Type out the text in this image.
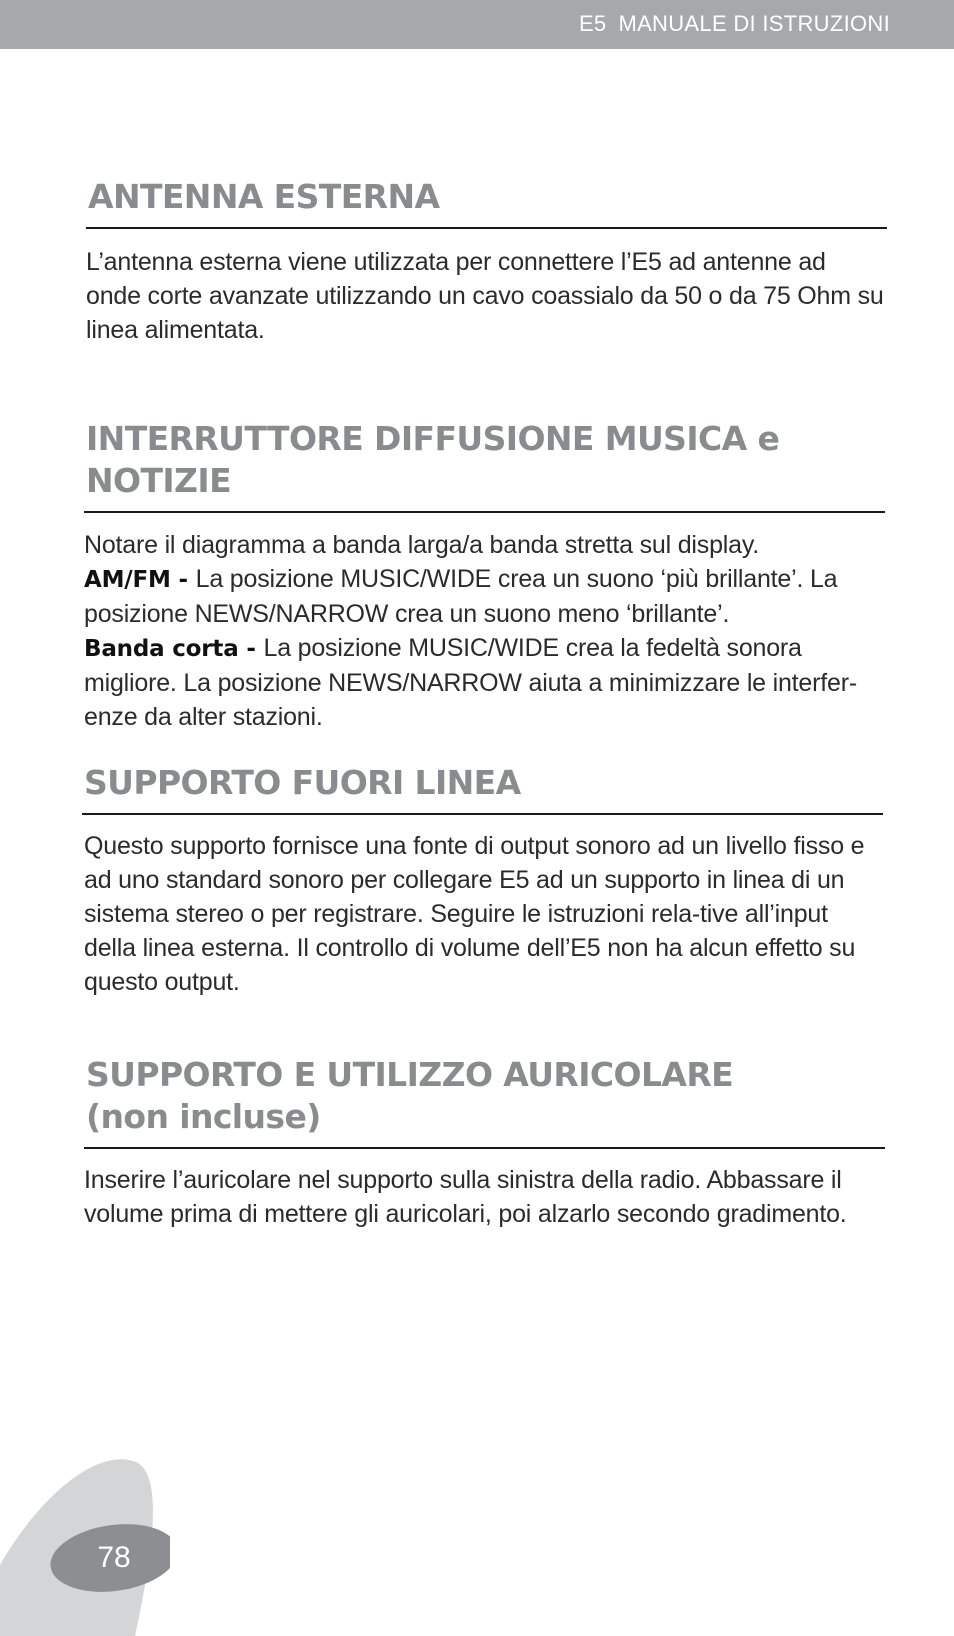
E5 MANUALE DI ISTRUZIONI
ANTENNA ESTERNA

L’antenna esterna viene utilizzata per connettere l’E5 ad antenne ad onde corte avanzate utilizzando un cavo coassialo da 50 o da 75 Ohm su linea alimentata.

INTERRUTTORE DIFFUSIONE MUSICA e NOTIZIE

Notare il diagramma a banda larga/a banda stretta sul display.

AM/FM - La posizione MUSIC/WIDE crea un suono ‘più brillante’. La posizione NEWS/NARROW crea un suono meno ‘brillante’.

Banda corta - La posizione MUSIC/WIDE crea la fedeltà sonora migliore. La posizione NEWS/NARROW aiuta a minimizzare le interfer-enze da alter stazioni.

SUPPORTO FUORI LINEA

Questo supporto fornisce una fonte di output sonoro ad un livello fisso e ad uno standard sonoro per collegare E5 ad un supporto in linea di un sistema stereo o per registrare. Seguire le istruzioni rela-tive all’input della linea esterna. Il controllo di volume dell’E5 non ha alcun effetto su questo output.

SUPPORTO E UTILIZZO AURICOLARE
(non incluse)

Inserire l’auricolare nel supporto sulla sinistra della radio. Abbassare il volume prima di mettere gli auricolari, poi alzarlo secondo gradimento.

78
